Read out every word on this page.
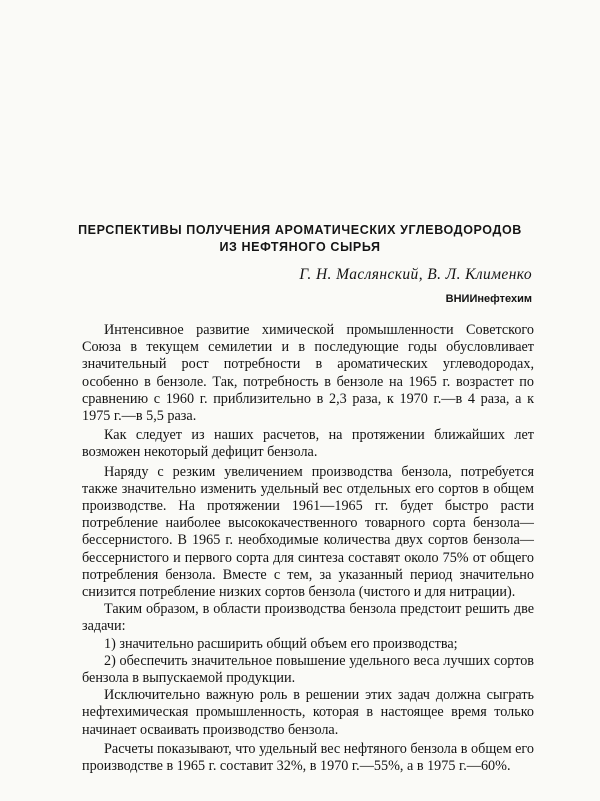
ПЕРСПЕКТИВЫ ПОЛУЧЕНИЯ АРОМАТИЧЕСКИХ УГЛЕВОДОРОДОВ
ИЗ НЕФТЯНОГО СЫРЬЯ
Г. Н. Маслянский, В. Л. Клименко
ВНИИнефтехим

Интенсивное развитие химической промышленности Советского Союза в текущем семилетии и в последующие годы обусловливает значительный рост потребности в ароматических углеводородах, особенно в бензоле. Так, потребность в бензоле на 1965 г. возрастет по сравнению с 1960 г. приблизительно в 2,3 раза, к 1970 г.—в 4 раза, а к 1975 г.—в 5,5 раза.

Как следует из наших расчетов, на протяжении ближайших лет возможен некоторый дефицит бензола.

Наряду с резким увеличением производства бензола, потребуется также значительно изменить удельный вес отдельных его сортов в общем производстве. На протяжении 1961—1965 гг. будет быстро расти потребление наиболее высококачественного товарного сорта бензола—бессернистого. В 1965 г. необходимые количества двух сортов бензола—бессернистого и первого сорта для синтеза составят около 75% от общего потребления бензола. Вместе с тем, за указанный период значительно снизится потребление низких сортов бензола (чистого и для нитрации).

Таким образом, в области производства бензола предстоит решить две задачи:

1) значительно расширить общий объем его производства;

2) обеспечить значительное повышение удельного веса лучших сортов бензола в выпускаемой продукции.

Исключительно важную роль в решении этих задач должна сыграть нефтехимическая промышленность, которая в настоящее время только начинает осваивать производство бензола.

Расчеты показывают, что удельный вес нефтяного бензола в общем его производстве в 1965 г. составит 32%, в 1970 г.—55%, а в 1975 г.—60%.
